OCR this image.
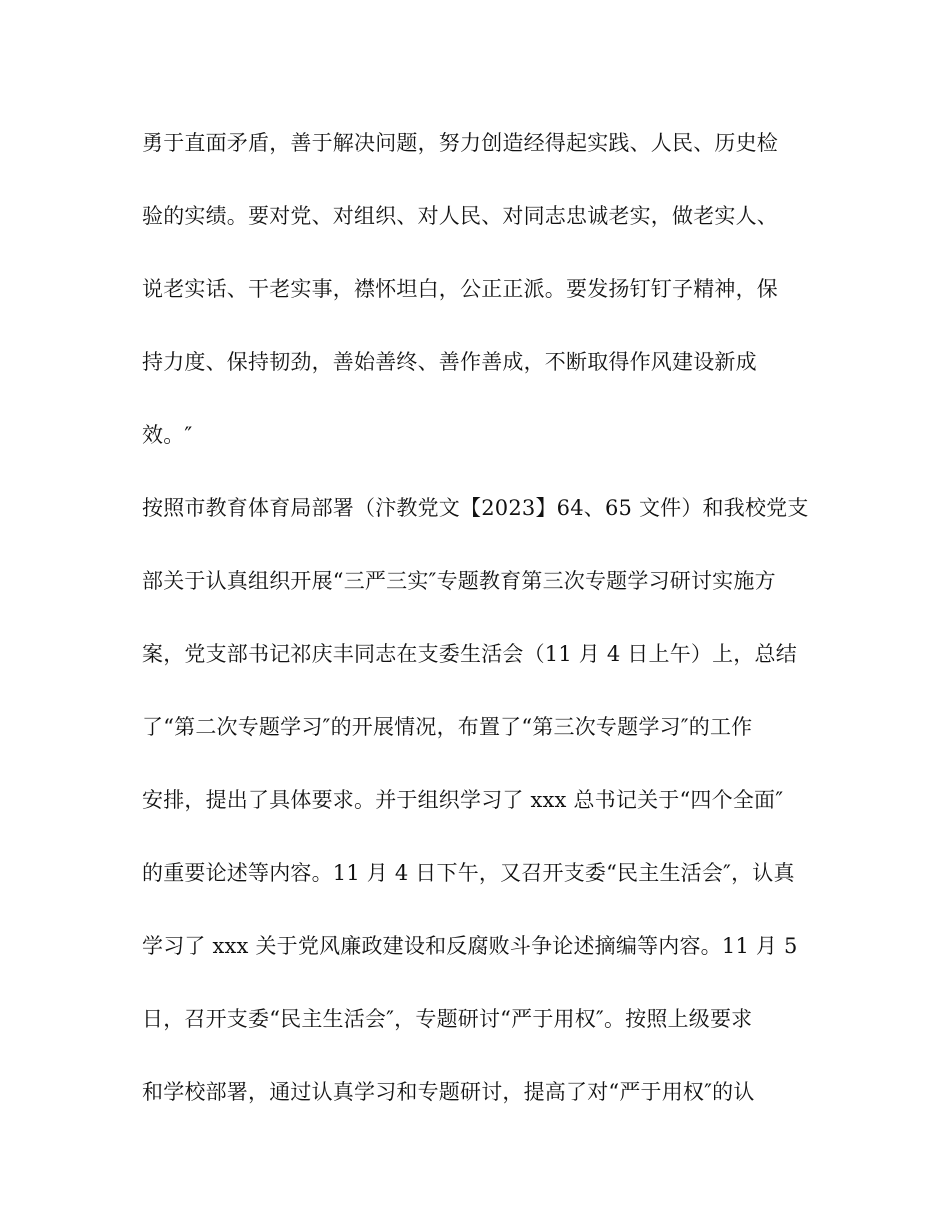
勇于直面矛盾，善于解决问题，努力创造经得起实践、人民、历史检
验的实绩。要对党、对组织、对人民、对同志忠诚老实，做老实人、
说老实话、干老实事，襟怀坦白，公正正派。要发扬钉钉子精神，保
持力度、保持韧劲，善始善终、善作善成，不断取得作风建设新成
效。″
按照市教育体育局部署（汴教党文【2023】64、65 文件）和我校党支
部关于认真组织开展“三严三实″专题教育第三次专题学习研讨实施方
案，党支部书记祁庆丰同志在支委生活会（11 月 4 日上午）上，总结
了“第二次专题学习″的开展情况，布置了“第三次专题学习″的工作
安排，提出了具体要求。并于组织学习了 xxx 总书记关于“四个全面″
的重要论述等内容。11 月 4 日下午，又召开支委“民主生活会″，认真
学习了 xxx 关于党风廉政建设和反腐败斗争论述摘编等内容。11 月 5
日，召开支委“民主生活会″，专题研讨“严于用权″。按照上级要求
和学校部署，通过认真学习和专题研讨，提高了对“严于用权″的认
